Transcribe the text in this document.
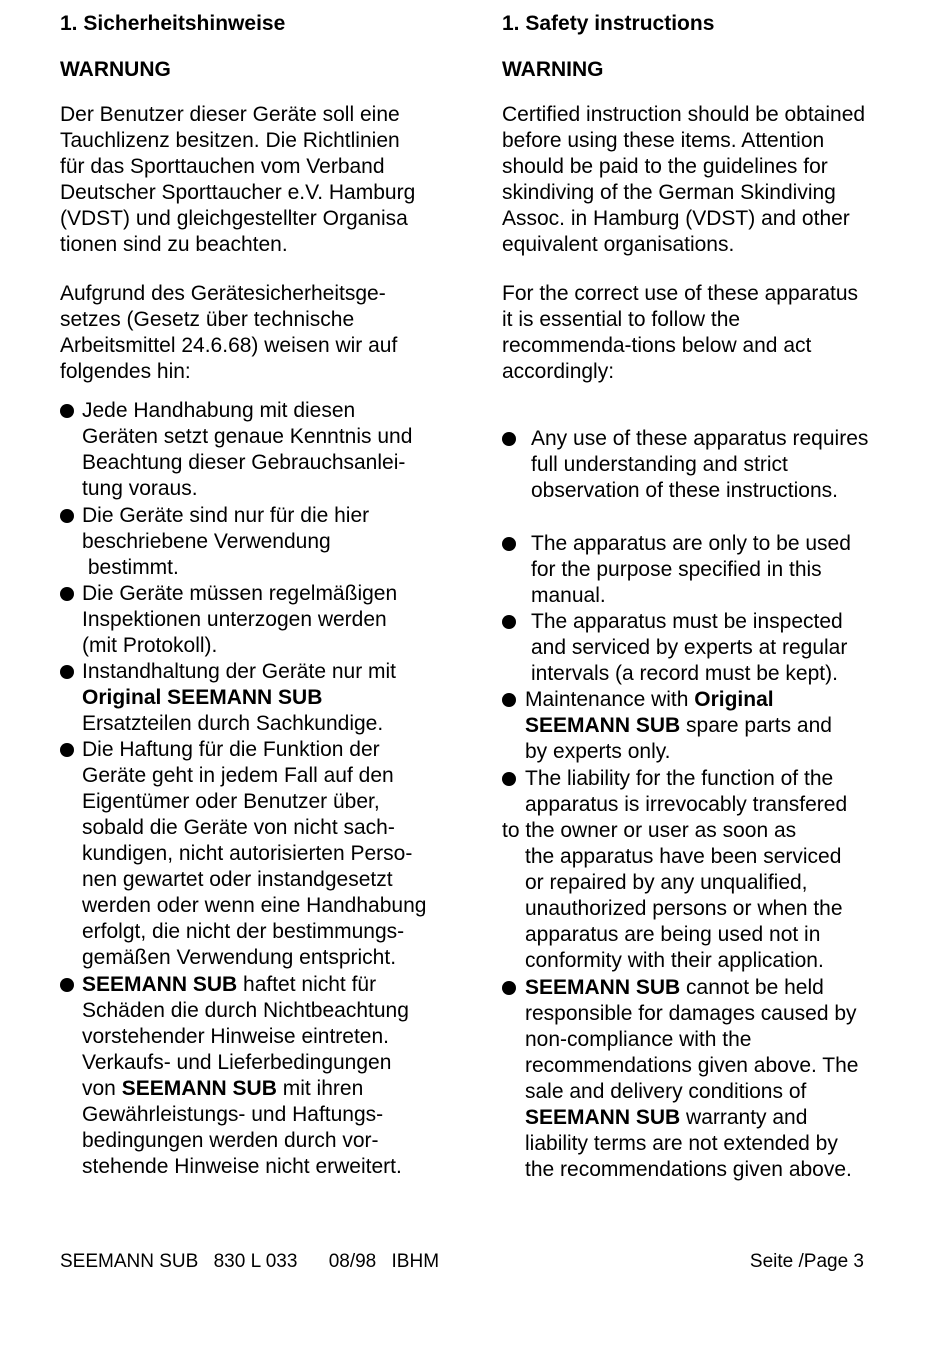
1. Sicherheitshinweise
WARNUNG
Der Benutzer dieser Geräte soll eine
Tauchlizenz besitzen. Die Richtlinien
für das Sporttauchen vom Verband
Deutscher Sporttaucher e.V. Hamburg
(VDST) und gleichgestellter Organisa
tionen sind zu beachten.
Aufgrund des Gerätesicherheitsge-
setzes (Gesetz über technische
Arbeitsmittel 24.6.68) weisen wir auf
folgendes hin:
Jede Handhabung mit diesen
Geräten setzt genaue Kenntnis und
Beachtung dieser Gebrauchsanlei-
tung voraus.
Die Geräte sind nur für die hier
beschriebene Verwendung
bestimmt.
Die Geräte müssen regelmäßigen
Inspektionen unterzogen werden
(mit Protokoll).
Instandhaltung der Geräte nur mit
Original SEEMANN SUB
Ersatzteilen durch Sachkundige.
Die Haftung für die Funktion der
Geräte geht in jedem Fall auf den
Eigentümer oder Benutzer über,
sobald die Geräte von nicht sach-
kundigen, nicht autorisierten Perso-
nen gewartet oder instandgesetzt
werden oder wenn eine Handhabung
erfolgt, die nicht der bestimmungs-
gemäßen Verwendung entspricht.
SEEMANN SUB haftet nicht für
Schäden die durch Nichtbeachtung
vorstehender Hinweise eintreten.
Verkaufs- und Lieferbedingungen
von SEEMANN SUB mit ihren
Gewährleistungs- und Haftungs-
bedingungen werden durch vor-
stehende Hinweise nicht erweitert.
1. Safety instructions
WARNING
Certified instruction should be obtained
before using these items. Attention
should be paid to the guidelines for
skindiving of the German Skindiving
Assoc. in Hamburg (VDST) and other
equivalent organisations.
For the correct use of these apparatus
it is essential to follow the
recommenda-tions below and act
accordingly:
Any use of these apparatus requires
full understanding and strict
observation of these instructions.
The apparatus are only to be used
for the purpose specified in this
manual.
The apparatus must be inspected
and serviced by experts at regular
intervals (a record must be kept).
Maintenance with Original
SEEMANN SUB spare parts and
by experts only.
The liability for the function of the
apparatus is irrevocably transfered
to the owner or user as soon as
the apparatus have been serviced
or repaired by any unqualified,
unauthorized persons or when the
apparatus are being used not in
conformity with their application.
SEEMANN SUB cannot be held
responsible for damages caused by
non-compliance with the
recommendations given above. The
sale and delivery conditions of
SEEMANN SUB warranty and
liability terms are not extended by
the recommendations given above.
SEEMANN SUB 830 L 033 08/98 IBHM	Seite /Page 3
